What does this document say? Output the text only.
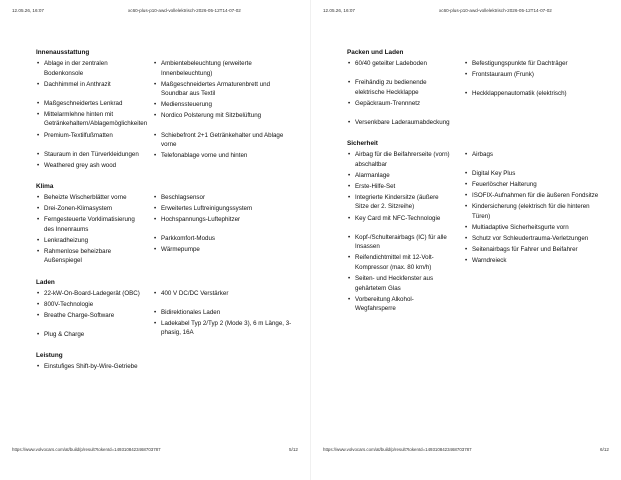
12.05.26, 16:07	xc60-plus-p10-awd-vollelektrisch-2026-05-12T14-07-02
Innenausstattung
• Ablage in der zentralen Bodenkonsole
• Dachhimmel in Anthrazit
• Maßgeschneidertes Lenkrad
• Mittelarmlehne hinten mit Getränkehaltern/Ablagemöglichkeiten
• Premium-Textilfußmatten
• Stauraum in den Türverkleidungen
• Weathered grey ash wood
• Ambientebeleuchtung (erweiterte Innenbeleuchtung)
• Maßgeschneidertes Armaturenbrett und Soundbar aus Textil
• Medienssteuerung
• Nordico Polsterung mit Sitzbelüftung
• Schiebefront 2+1 Getränkehalter und Ablage vorne
• Telefonablage vorne und hinten
Klima
• Beheizte Wischerblätter vorne
• Drei-Zonen-Klimasystem
• Ferngesteuerte Vorklimatisierung des Innenraums
• Lenkradheizung
• Rahmenlose beheizbare Außenspiegel
• Beschlagsensor
• Erweitertes Luftreinigungssystem
• Hochspannungs-Luftерhitzer
• Parkkomfort-Modus
• Wärmepumpe
Laden
• 22-kW-On-Board-Ladegerät (OBC)
• 800V-Technologie
• Breathe Charge-Software
• Plug & Charge
• 400 V DC/DC Verstärker
• Bidirektionales Laden
• Ladekabel Typ 2/Typ 2 (Mode 3), 6 m Länge, 3-phasig, 16A
Leistung
• Einstufiges Shift-by-Wire-Getriebe
https://www.volvocars.com/at/build/p/result?tokenId=1493108423468703787	5/12
12.05.26, 16:07	xc60-plus-p10-awd-vollelektrisch-2026-05-12T14-07-02
Packen und Laden
• 60/40 geteilter Ladeboden
• Freihändig zu bedienende elektrische Heckklappe
• Gepäckraum-Trennnetz
• Versenkbare Laderaumabdeckung
• Befestigungspunkte für Dachträger
• Frontstauraum (Frunk)
• Heckklappenautomatik (elektrisch)
Sicherheit
• Airbag für die Beifahrerseite (vorn) abschaltbar
• Alarmanlage
• Erste-Hilfe-Set
• Integrierte Kindersitze (äußere Sitze der 2. Sitzreihe)
• Key Card mit NFC-Technologie
• Kopf-/Schulterairbags (IC) für alle Insassen
• Reifendichtmittel mit 12-Volt-Kompressor (max. 80 km/h)
• Seiten- und Heckfenster aus gehärtetem Glas
• Vorbereitung Alkohol-Wegfahrsperre
• Airbags
• Digital Key Plus
• Feuerlöscher Halterung
• ISOFIX-Aufnahmen für die äußeren Fondsitze
• Kindersicherung (elektrisch für die hinteren Türen)
• Multiadaptive Sicherheitsgurte vorn
• Schutz vor Schleudertrauma-Verletzungen
• Seitenairbags für Fahrer und Beifahrer
• Warndreieck
https://www.volvocars.com/at/build/p/result?tokenId=1493108423468703787	6/12
